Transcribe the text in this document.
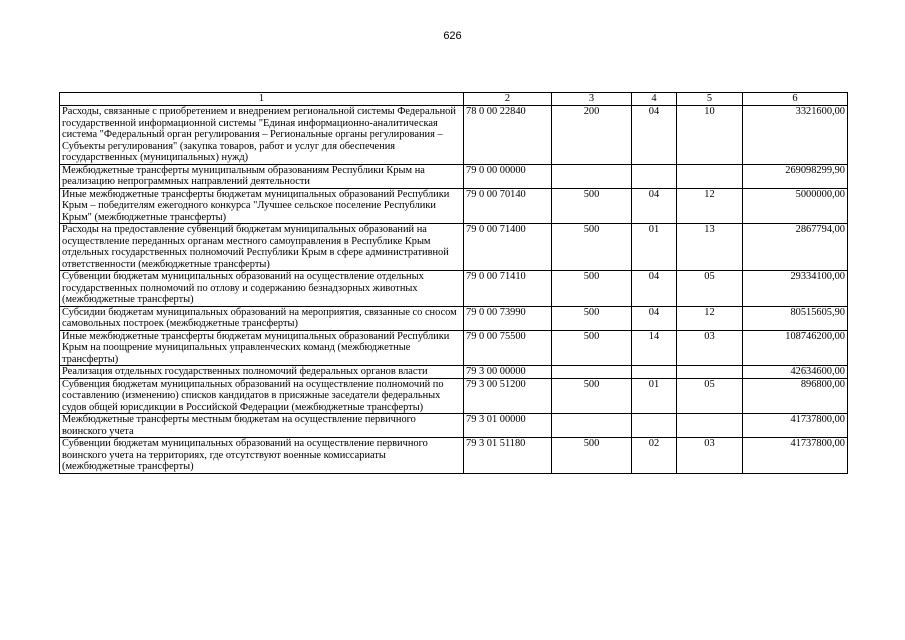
626
1	2	3	4	5	6
Расходы, связанные с приобретением и внедрением региональной системы Федеральной государственной информационной системы "Единая информационно-аналитическая система "Федеральный орган регулирования – Региональные органы регулирования – Субъекты регулирования" (закупка товаров, работ и услуг для обеспечения государственных (муниципальных) нужд)	78 0 00 22840	200	04	10	3321600,00
Межбюджетные трансферты муниципальным образованиям Республики Крым на реализацию непрограммных направлений деятельности	79 0 00 00000				269098299,90
Иные межбюджетные трансферты бюджетам муниципальных образований Республики Крым – победителям ежегодного конкурса "Лучшее сельское поселение Республики Крым" (межбюджетные трансферты)	79 0 00 70140	500	04	12	5000000,00
Расходы на предоставление субвенций бюджетам муниципальных образований на осуществление переданных органам местного самоуправления в Республике Крым отдельных государственных полномочий Республики Крым в сфере административной ответственности (межбюджетные трансферты)	79 0 00 71400	500	01	13	2867794,00
Субвенции бюджетам муниципальных образований на осуществление отдельных государственных полномочий по отлову и содержанию безнадзорных животных (межбюджетные трансферты)	79 0 00 71410	500	04	05	29334100,00
Субсидии бюджетам муниципальных образований на мероприятия, связанные со сносом самовольных построек (межбюджетные трансферты)	79 0 00 73990	500	04	12	80515605,90
Иные межбюджетные трансферты бюджетам муниципальных образований Республики Крым на поощрение муниципальных управленческих команд (межбюджетные трансферты)	79 0 00 75500	500	14	03	108746200,00
Реализация отдельных государственных полномочий федеральных органов власти	79 3 00 00000				42634600,00
Субвенция бюджетам муниципальных образований на осуществление полномочий по составлению (изменению) списков кандидатов в присяжные заседатели федеральных судов общей юрисдикции в Российской Федерации (межбюджетные трансферты)	79 3 00 51200	500	01	05	896800,00
Межбюджетные трансферты местным бюджетам на осуществление первичного воинского учета	79 3 01 00000				41737800,00
Субвенции бюджетам муниципальных образований на осуществление первичного воинского учета на территориях, где отсутствуют военные комиссариаты (межбюджетные трансферты)	79 3 01 51180	500	02	03	41737800,00
